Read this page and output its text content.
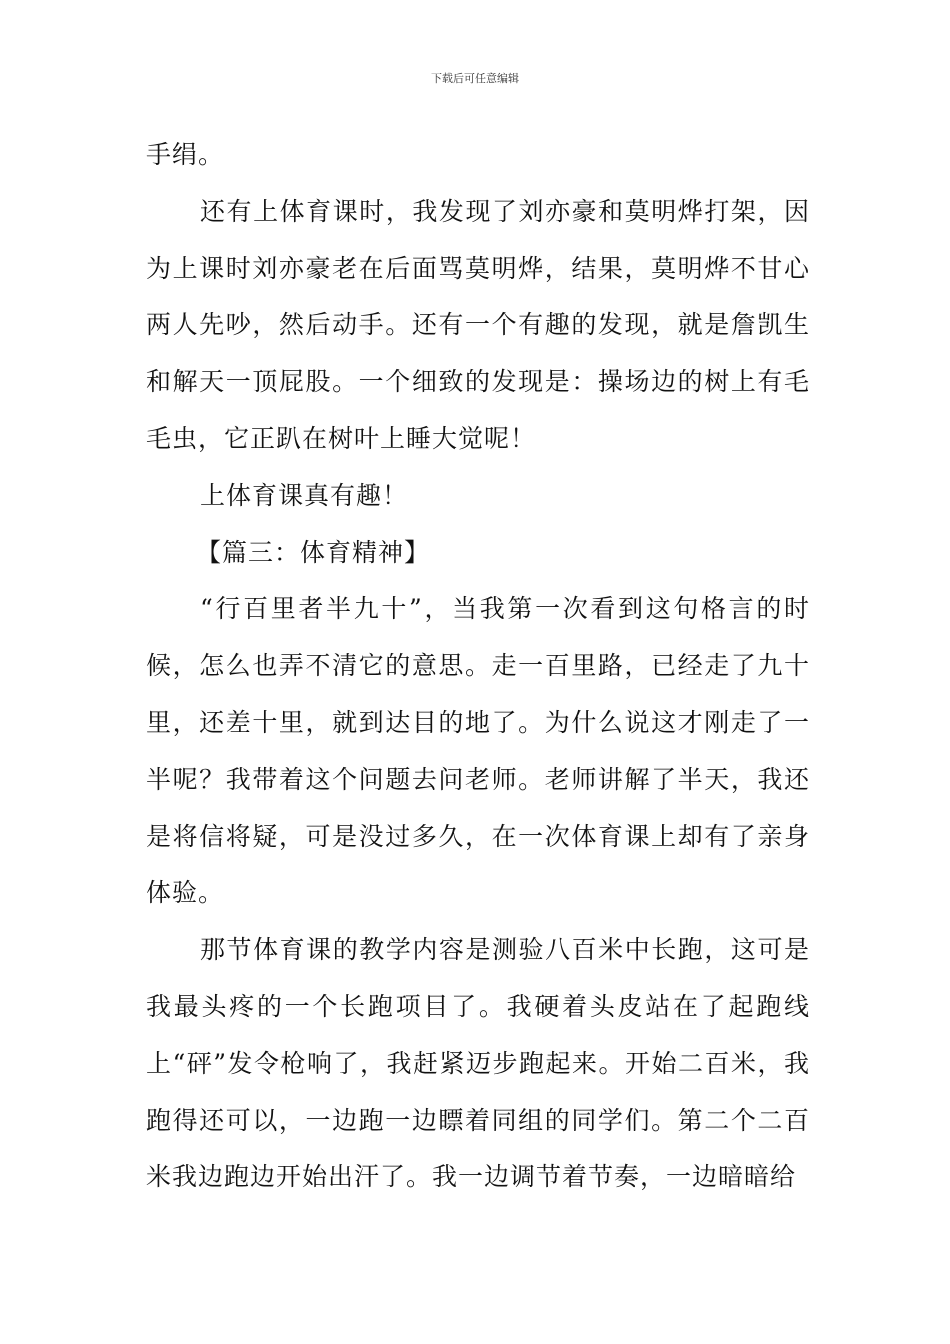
下载后可任意编辑

手绢。

还有上体育课时，我发现了刘亦豪和莫明烨打架，因为上课时刘亦豪老在后面骂莫明烨，结果，莫明烨不甘心两人先吵，然后动手。还有一个有趣的发现，就是詹凯生和解天一顶屁股。一个细致的发现是：操场边的树上有毛毛虫，它正趴在树叶上睡大觉呢！

上体育课真有趣！

【篇三：体育精神】

“行百里者半九十”，当我第一次看到这句格言的时候，怎么也弄不清它的意思。走一百里路，已经走了九十里，还差十里，就到达目的地了。为什么说这才刚走了一半呢？我带着这个问题去问老师。老师讲解了半天，我还是将信将疑，可是没过多久，在一次体育课上却有了亲身体验。

那节体育课的教学内容是测验八百米中长跑，这可是我最头疼的一个长跑项目了。我硬着头皮站在了起跑线上“砰”发令枪响了，我赶紧迈步跑起来。开始二百米，我跑得还可以，一边跑一边瞟着同组的同学们。第二个二百米我边跑边开始出汗了。我一边调节着节奏，一边暗暗给
